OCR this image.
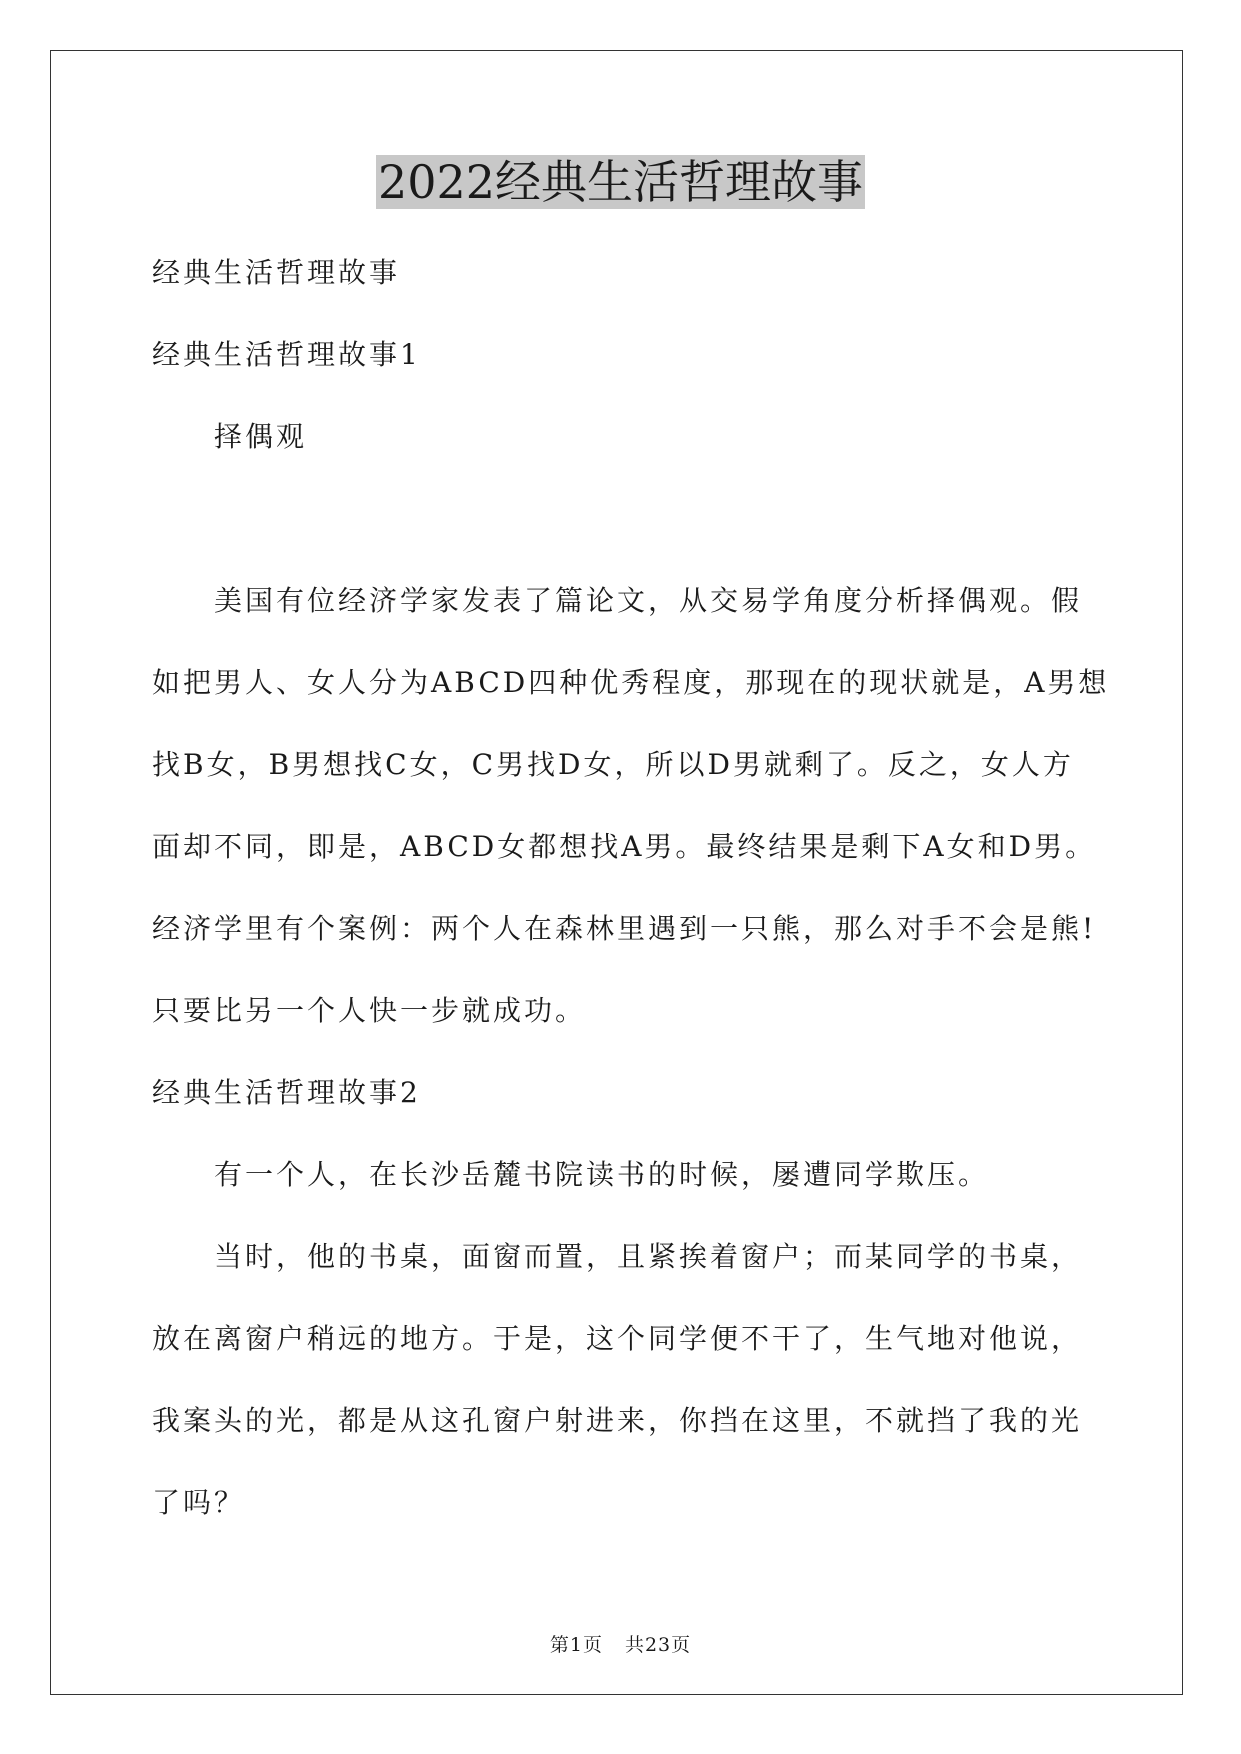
2022经典生活哲理故事

经典生活哲理故事

经典生活哲理故事1

择偶观

美国有位经济学家发表了篇论文，从交易学角度分析择偶观。假

如把男人、女人分为ABCD四种优秀程度，那现在的现状就是，A男想

找B女，B男想找C女，C男找D女，所以D男就剩了。反之，女人方

面却不同，即是，ABCD女都想找A男。最终结果是剩下A女和D男。

经济学里有个案例：两个人在森林里遇到一只熊，那么对手不会是熊!

只要比另一个人快一步就成功。

经典生活哲理故事2

有一个人，在长沙岳麓书院读书的时候，屡遭同学欺压。

当时，他的书桌，面窗而置，且紧挨着窗户；而某同学的书桌，

放在离窗户稍远的地方。于是，这个同学便不干了，生气地对他说，

我案头的光，都是从这孔窗户射进来，你挡在这里，不就挡了我的光

了吗？

第1页 共23页
